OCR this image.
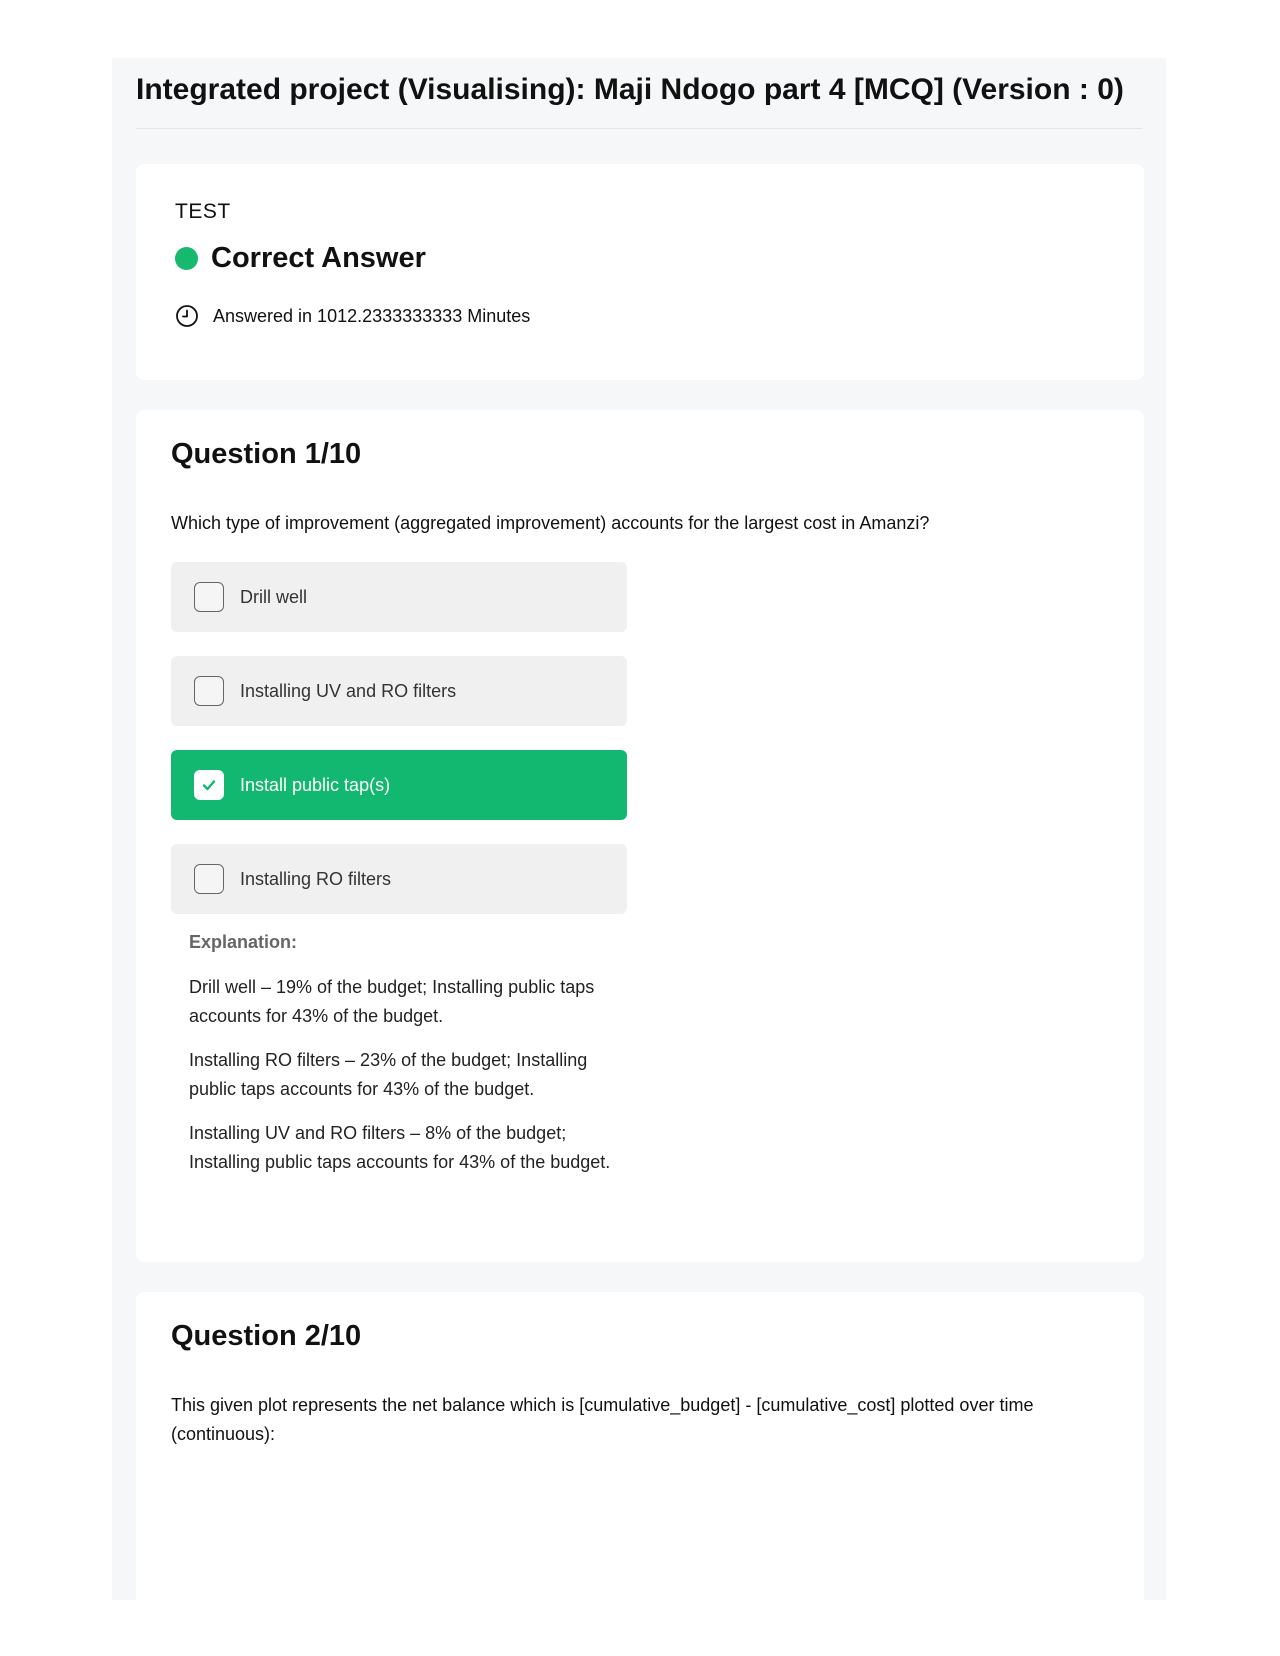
Integrated project (Visualising): Maji Ndogo part 4 [MCQ] (Version : 0)
TEST
Correct Answer
Answered in 1012.2333333333 Minutes
Question 1/10

Which type of improvement (aggregated improvement) accounts for the largest cost in Amanzi?

Drill well
Installing UV and RO filters
Install public tap(s)
Installing RO filters

Explanation:

Drill well – 19% of the budget; Installing public taps accounts for 43% of the budget.

Installing RO filters – 23% of the budget; Installing public taps accounts for 43% of the budget.

Installing UV and RO filters – 8% of the budget; Installing public taps accounts for 43% of the budget.

Question 2/10

This given plot represents the net balance which is [cumulative_budget] - [cumulative_cost] plotted over time (continuous):
